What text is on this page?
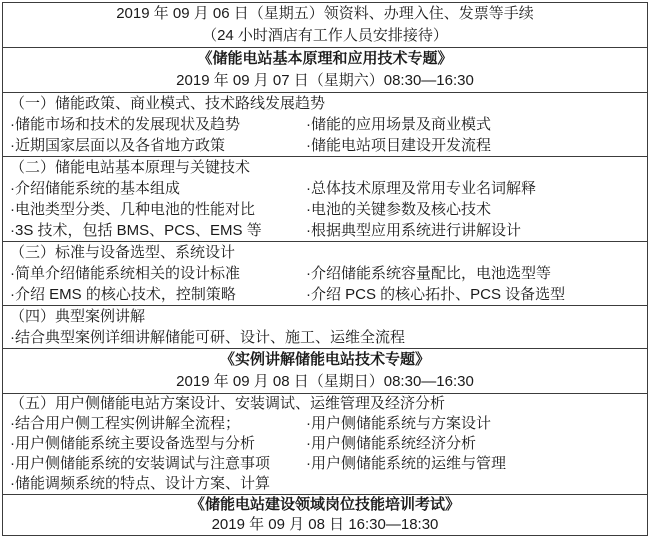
2019 年 09 月 06 日（星期五）领资料、办理入住、发票等手续
（24 小时酒店有工作人员安排接待）
《储能电站基本原理和应用技术专题》
2019 年 09 月 07 日（星期六）08:30—16:30
（一）储能政策、商业模式、技术路线发展趋势
·储能市场和技术的发展现状及趋势	·储能的应用场景及商业模式
·近期国家层面以及各省地方政策	·储能电站项目建设开发流程
（二）储能电站基本原理与关键技术
·介绍储能系统的基本组成	·总体技术原理及常用专业名词解释
·电池类型分类、几种电池的性能对比	·电池的关键参数及核心技术
·3S 技术，包括 BMS、PCS、EMS 等	·根据典型应用系统进行讲解设计
（三）标准与设备选型、系统设计
·简单介绍储能系统相关的设计标准	·介绍储能系统容量配比，电池选型等
·介绍 EMS 的核心技术，控制策略	·介绍 PCS 的核心拓扑、PCS 设备选型
（四）典型案例讲解
·结合典型案例详细讲解储能可研、设计、施工、运维全流程
《实例讲解储能电站技术专题》
2019 年 09 月 08 日（星期日）08:30—16:30
（五）用户侧储能电站方案设计、安装调试、运维管理及经济分析
·结合用户侧工程实例讲解全流程；	·用户侧储能系统与方案设计
·用户侧储能系统主要设备选型与分析	·用户侧储能系统经济分析
·用户侧储能系统的安装调试与注意事项	·用户侧储能系统的运维与管理
·储能调频系统的特点、设计方案、计算
《储能电站建设领域岗位技能培训考试》
2019 年 09 月 08 日 16:30—18:30
